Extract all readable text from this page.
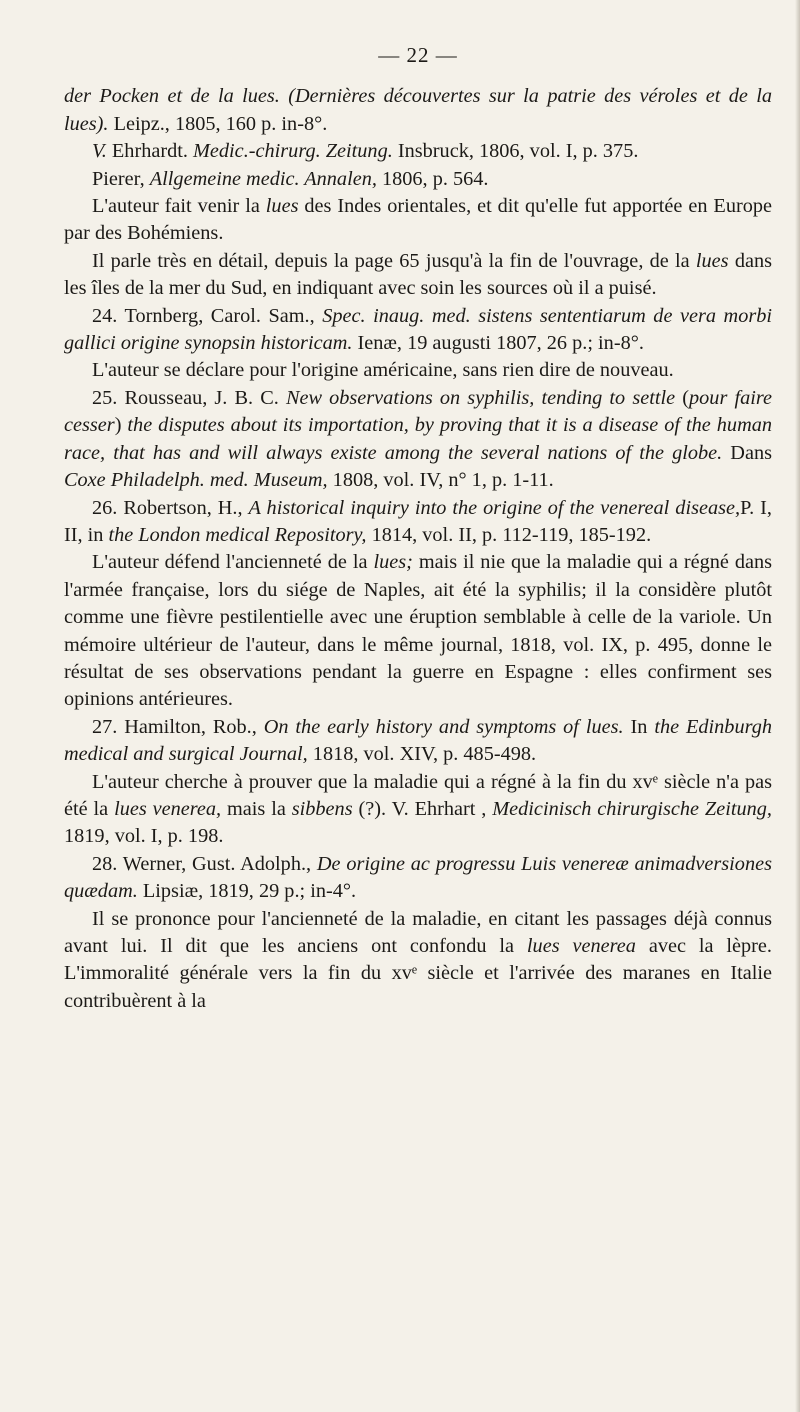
— 22 —

der Pocken et de la lues. (Dernières découvertes sur la patrie des véroles et de la lues). Leipz., 1805, 160 p. in-8°.

V. Ehrhardt. Medic.-chirurg. Zeitung. Insbruck, 1806, vol. I, p. 375.

Pierer, Allgemeine medic. Annalen, 1806, p. 564.

L'auteur fait venir la lues des Indes orientales, et dit qu'elle fut apportée en Europe par des Bohémiens.

Il parle très en détail, depuis la page 65 jusqu'à la fin de l'ouvrage, de la lues dans les îles de la mer du Sud, en indiquant avec soin les sources où il a puisé.

24. Tornberg, Carol. Sam., Spec. inaug. med. sistens sententiarum de vera morbi gallici origine synopsin historicam. Ienæ, 19 augusti 1807, 26 p.; in-8°.

L'auteur se déclare pour l'origine américaine, sans rien dire de nouveau.

25. Rousseau, J. B. C. New observations on syphilis, tending to settle (pour faire cesser) the disputes about its importation, by proving that it is a disease of the human race, that has and will always existe among the several nations of the globe. Dans Coxe Philadelph. med. Museum, 1808, vol. IV, n° 1, p. 1-11.

26. Robertson, H., A historical inquiry into the origine of the venereal disease,P. I, II, in the London medical Repository, 1814, vol. II, p. 112-119, 185-192.

L'auteur défend l'ancienneté de la lues; mais il nie que la maladie qui a régné dans l'armée française, lors du siége de Naples, ait été la syphilis; il la considère plutôt comme une fièvre pestilentielle avec une éruption semblable à celle de la variole. Un mémoire ultérieur de l'auteur, dans le même journal, 1818, vol. IX, p. 495, donne le résultat de ses observations pendant la guerre en Espagne : elles confirment ses opinions antérieures.

27. Hamilton, Rob., On the early history and symptoms of lues. In the Edinburgh medical and surgical Journal, 1818, vol. XIV, p. 485-498.

L'auteur cherche à prouver que la maladie qui a régné à la fin du xvᵉ siècle n'a pas été la lues venerea, mais la sibbens (?). V. Ehrhart , Medicinisch chirurgische Zeitung, 1819, vol. I, p. 198.

28. Werner, Gust. Adolph., De origine ac progressu Luis venereæ animadversiones quædam. Lipsiæ, 1819, 29 p.; in-4°.

Il se prononce pour l'ancienneté de la maladie, en citant les passages déjà connus avant lui. Il dit que les anciens ont confondu la lues venerea avec la lèpre. L'immoralité générale vers la fin du xvᵉ siècle et l'arrivée des maranes en Italie contribuèrent à la
